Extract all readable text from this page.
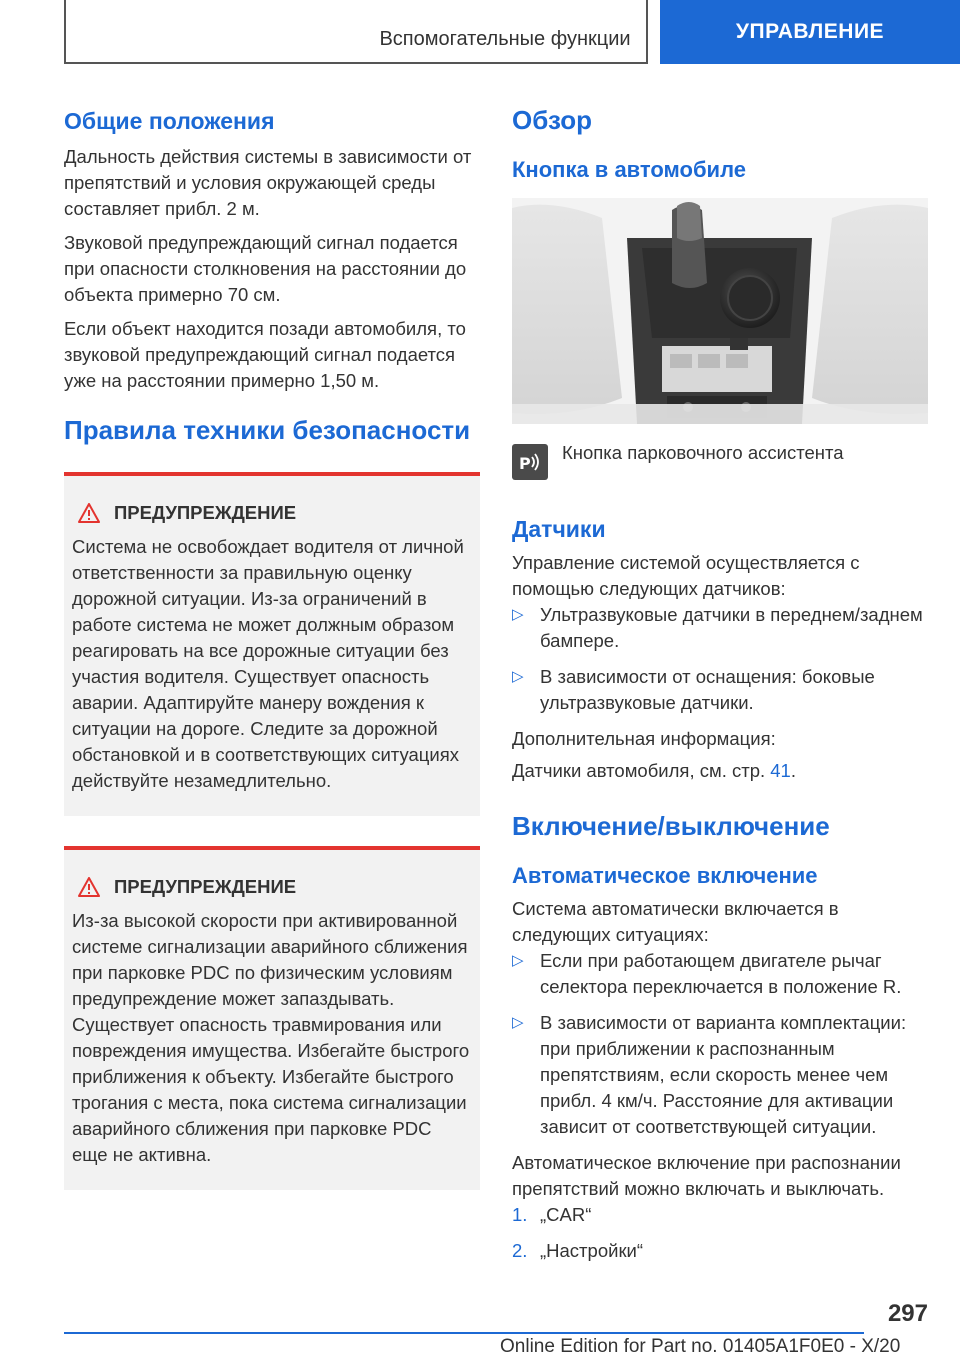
Вспомогательные функции	УПРАВЛЕНИЕ
Общие положения

Дальность действия системы в зависимости от препятствий и условия окружающей среды составляет прибл. 2 м.

Звуковой предупреждающий сигнал подается при опасности столкновения на расстоянии до объекта примерно 70 см.

Если объект находится позади автомобиля, то звуковой предупреждающий сигнал подается уже на расстоянии примерно 1,50 м.

Правила техники безопасности
ПРЕДУПРЕЖДЕНИЕ

Система не освобождает водителя от личной ответственности за правильную оценку дорожной ситуации. Из-за ограничений в работе система не может должным образом реагировать на все дорожные ситуации без участия водителя. Существует опасность аварии. Адаптируйте манеру вождения к ситуации на дороге. Следите за дорожной обстановкой и в соответствующих ситуациях действуйте незамедлительно.

ПРЕДУПРЕЖДЕНИЕ

Из-за высокой скорости при активированной системе сигнализации аварийного сближения при парковке PDC по физическим условиям предупреждение может запаздывать. Существует опасность травмирования или повреждения имущества. Избегайте быстрого приближения к объекту. Избегайте быстрого трогания с места, пока система сигнализации аварийного сближения при парковке PDC еще не активна.

Обзор
Кнопка в автомобиле
P

Кнопка парковочного ассистента

Датчики

Управление системой осуществляется с помощью следующих датчиков:

▷ Ультразвуковые датчики в переднем/заднем бампере.
▷ В зависимости от оснащения: боковые ультразвуковые датчики.

Дополнительная информация:

Датчики автомобиля, см. стр. 41.

Включение/выключение
Автоматическое включение

Система автоматически включается в следующих ситуациях:

▷ Если при работающем двигателе рычаг селектора переключается в положение R.
▷ В зависимости от варианта комплектации: при приближении к распознанным препятствиям, если скорость менее чем прибл. 4 км/ч. Расстояние для активации зависит от соответствующей ситуации.

Автоматическое включение при распознании препятствий можно включать и выключать.

1. „CAR“
2. „Настройки“
297
Online Edition for Part no. 01405A1F0E0 - X/20
